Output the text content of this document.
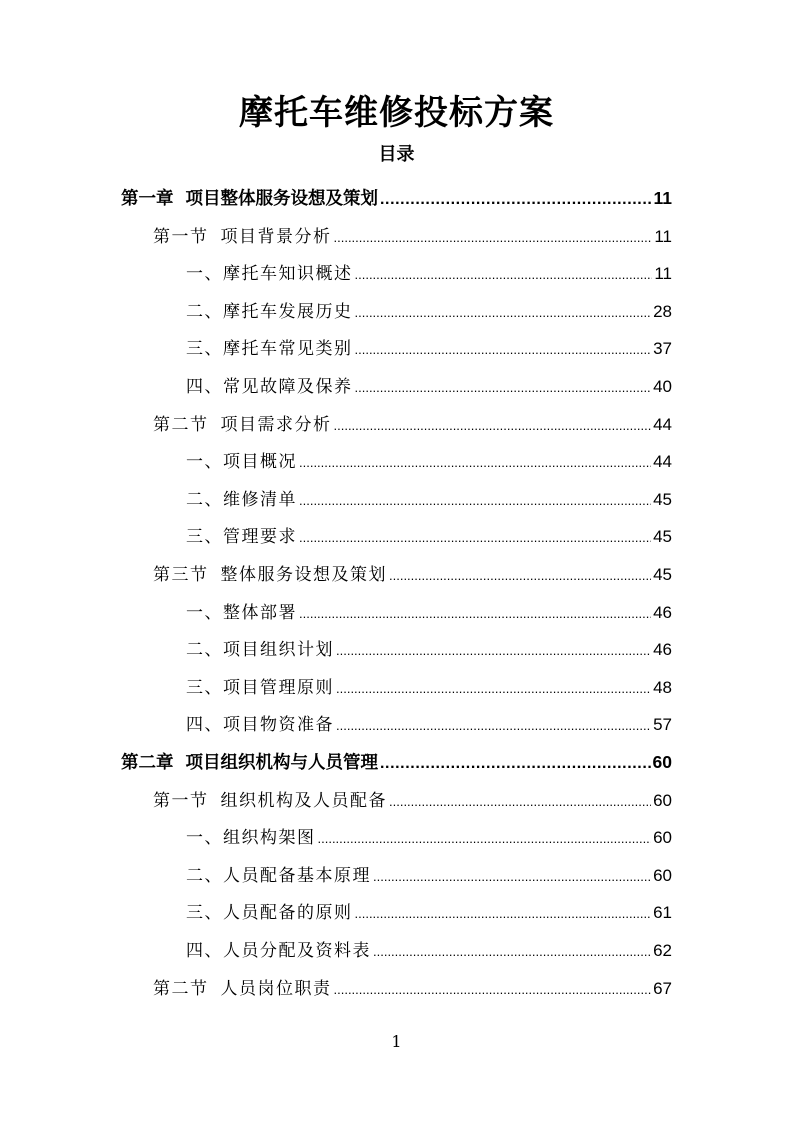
摩托车维修投标方案
目录
第一章 项目整体服务设想及策划 .....	11
第一节 项目背景分析 .....	11
一、摩托车知识概述 .....	11
二、摩托车发展历史 .....	28
三、摩托车常见类别 .....	37
四、常见故障及保养 .....	40
第二节 项目需求分析 .....	44
一、项目概况 .....	44
二、维修清单 .....	45
三、管理要求 .....	45
第三节 整体服务设想及策划 .....	45
一、整体部署 .....	46
二、项目组织计划 .....	46
三、项目管理原则 .....	48
四、项目物资准备 .....	57
第二章 项目组织机构与人员管理 .....	60
第一节 组织机构及人员配备 .....	60
一、组织构架图 .....	60
二、人员配备基本原理 .....	60
三、人员配备的原则 .....	61
四、人员分配及资料表 .....	62
第二节 人员岗位职责 .....	67
1
